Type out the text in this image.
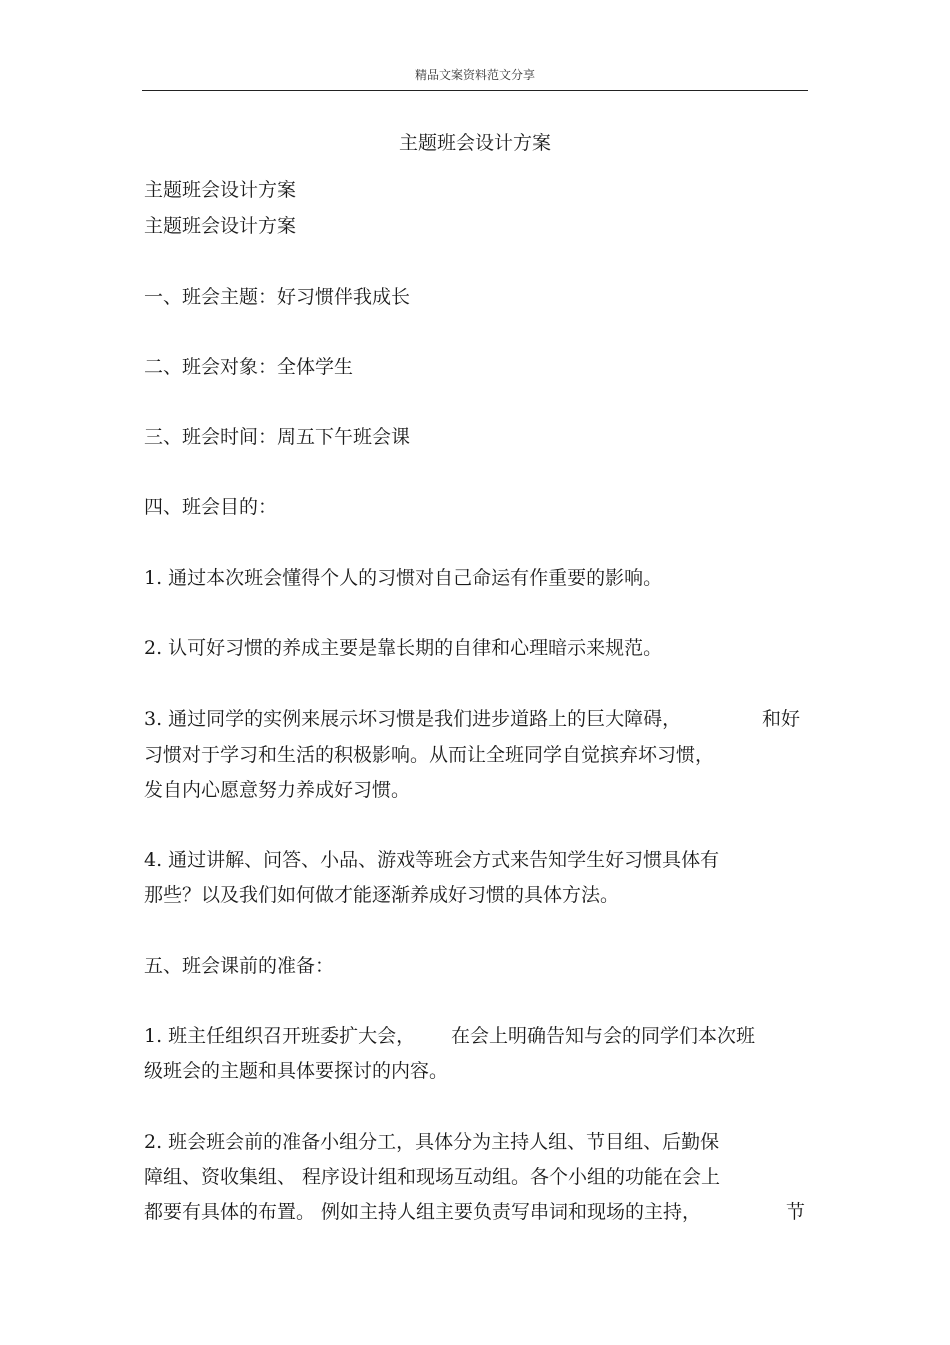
精品文案资料范文分享
主题班会设计方案
主题班会设计方案
主题班会设计方案
一、班会主题：好习惯伴我成长
二、班会对象：全体学生
三、班会时间：周五下午班会课
四、班会目的：
1. 通过本次班会懂得个人的习惯对自己命运有作重要的影响。
2. 认可好习惯的养成主要是靠长期的自律和心理暗示来规范。
3. 通过同学的实例来展示坏习惯是我们进步道路上的巨大障碍，	和好
习惯对于学习和生活的积极影响。从而让全班同学自觉摈弃坏习惯，
发自内心愿意努力养成好习惯。
4. 通过讲解、问答、小品、游戏等班会方式来告知学生好习惯具体有
那些？以及我们如何做才能逐渐养成好习惯的具体方法。
五、班会课前的准备：
1. 班主任组织召开班委扩大会， 在会上明确告知与会的同学们本次班
级班会的主题和具体要探讨的内容。
2. 班会班会前的准备小组分工，具体分为主持人组、节目组、后勤保
障组、资收集组、 程序设计组和现场互动组。各个小组的功能在会上
都要有具体的布置。 例如主持人组主要负责写串词和现场的主持，	节
